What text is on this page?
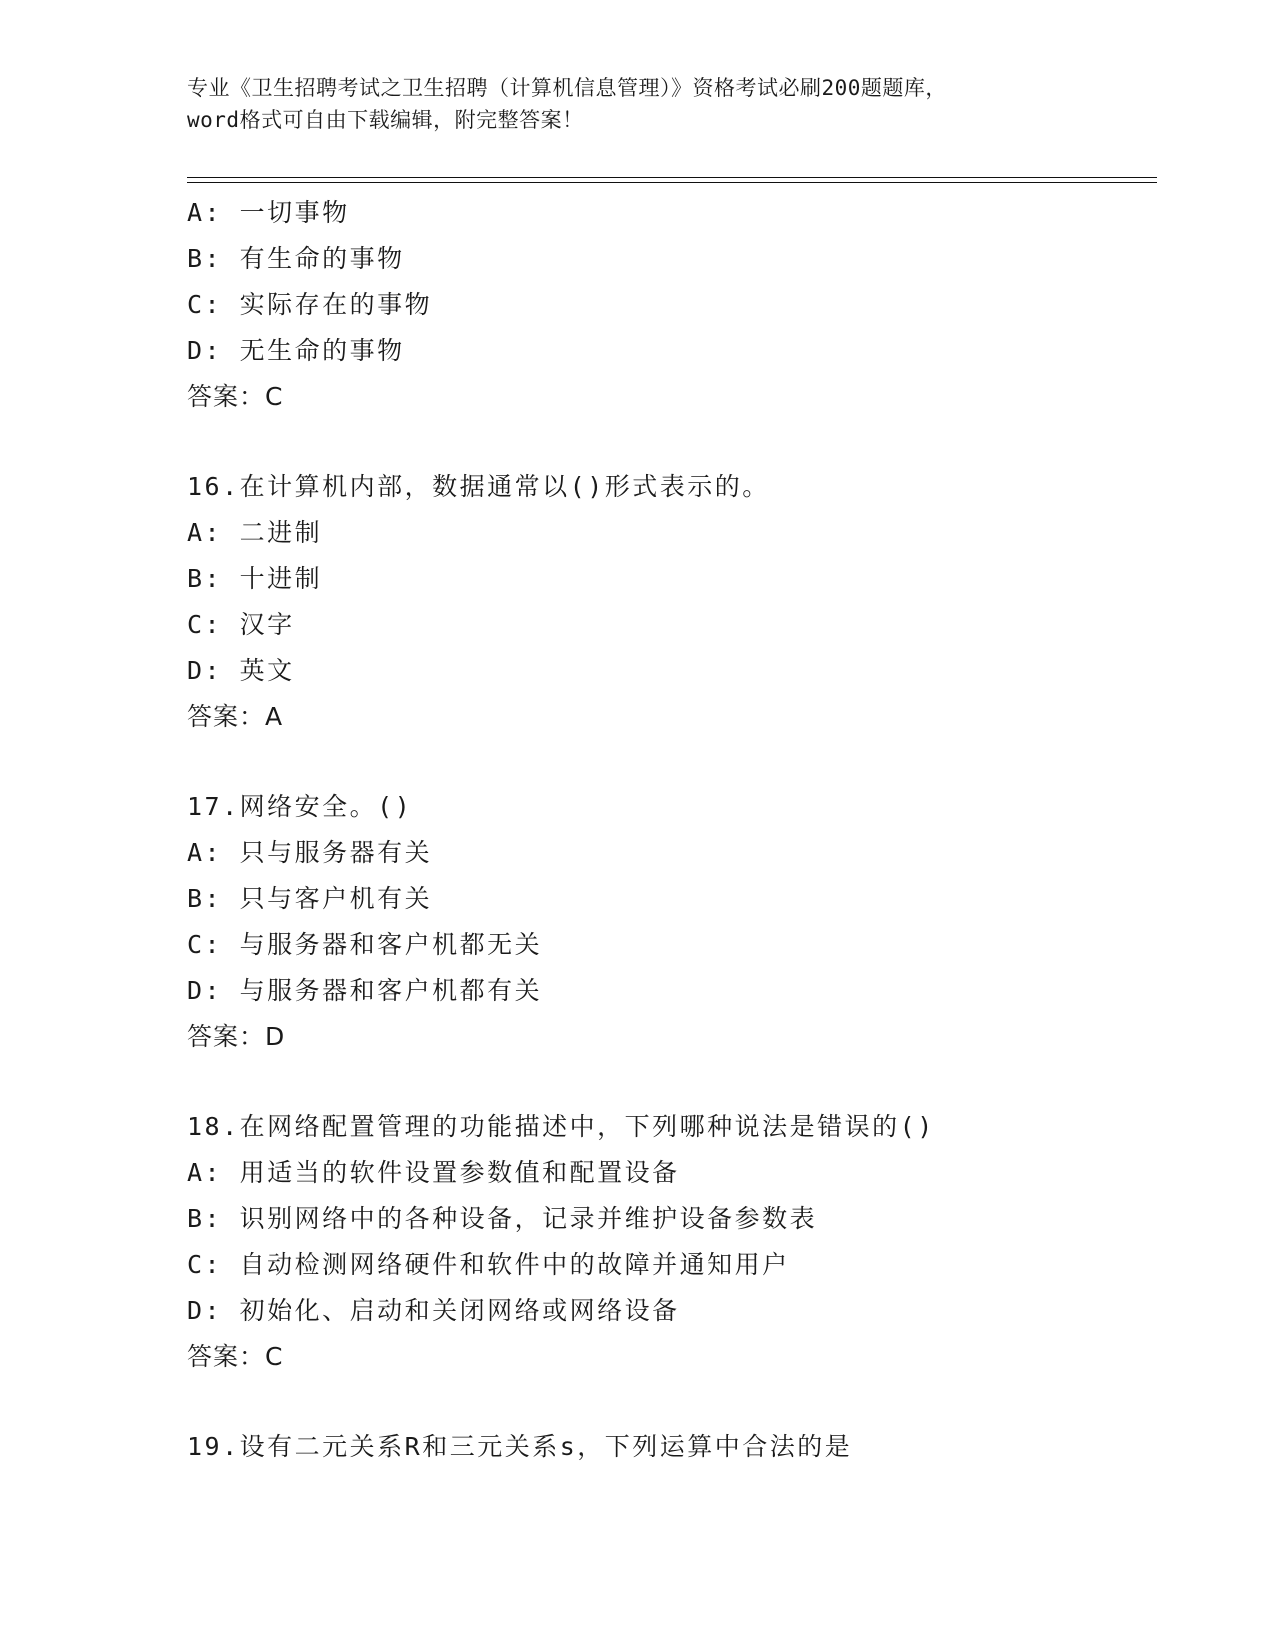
专业《卫生招聘考试之卫生招聘（计算机信息管理）》资格考试必刷200题题库，
word格式可自由下载编辑，附完整答案！
A: 一切事物
B: 有生命的事物
C: 实际存在的事物
D: 无生命的事物
答案：C
16.在计算机内部，数据通常以()形式表示的。
A: 二进制
B: 十进制
C: 汉字
D: 英文
答案：A
17.网络安全。()
A: 只与服务器有关
B: 只与客户机有关
C: 与服务器和客户机都无关
D: 与服务器和客户机都有关
答案：D
18.在网络配置管理的功能描述中，下列哪种说法是错误的()
A: 用适当的软件设置参数值和配置设备
B: 识别网络中的各种设备，记录并维护设备参数表
C: 自动检测网络硬件和软件中的故障并通知用户
D: 初始化、启动和关闭网络或网络设备
答案：C
19.设有二元关系R和三元关系s，下列运算中合法的是
